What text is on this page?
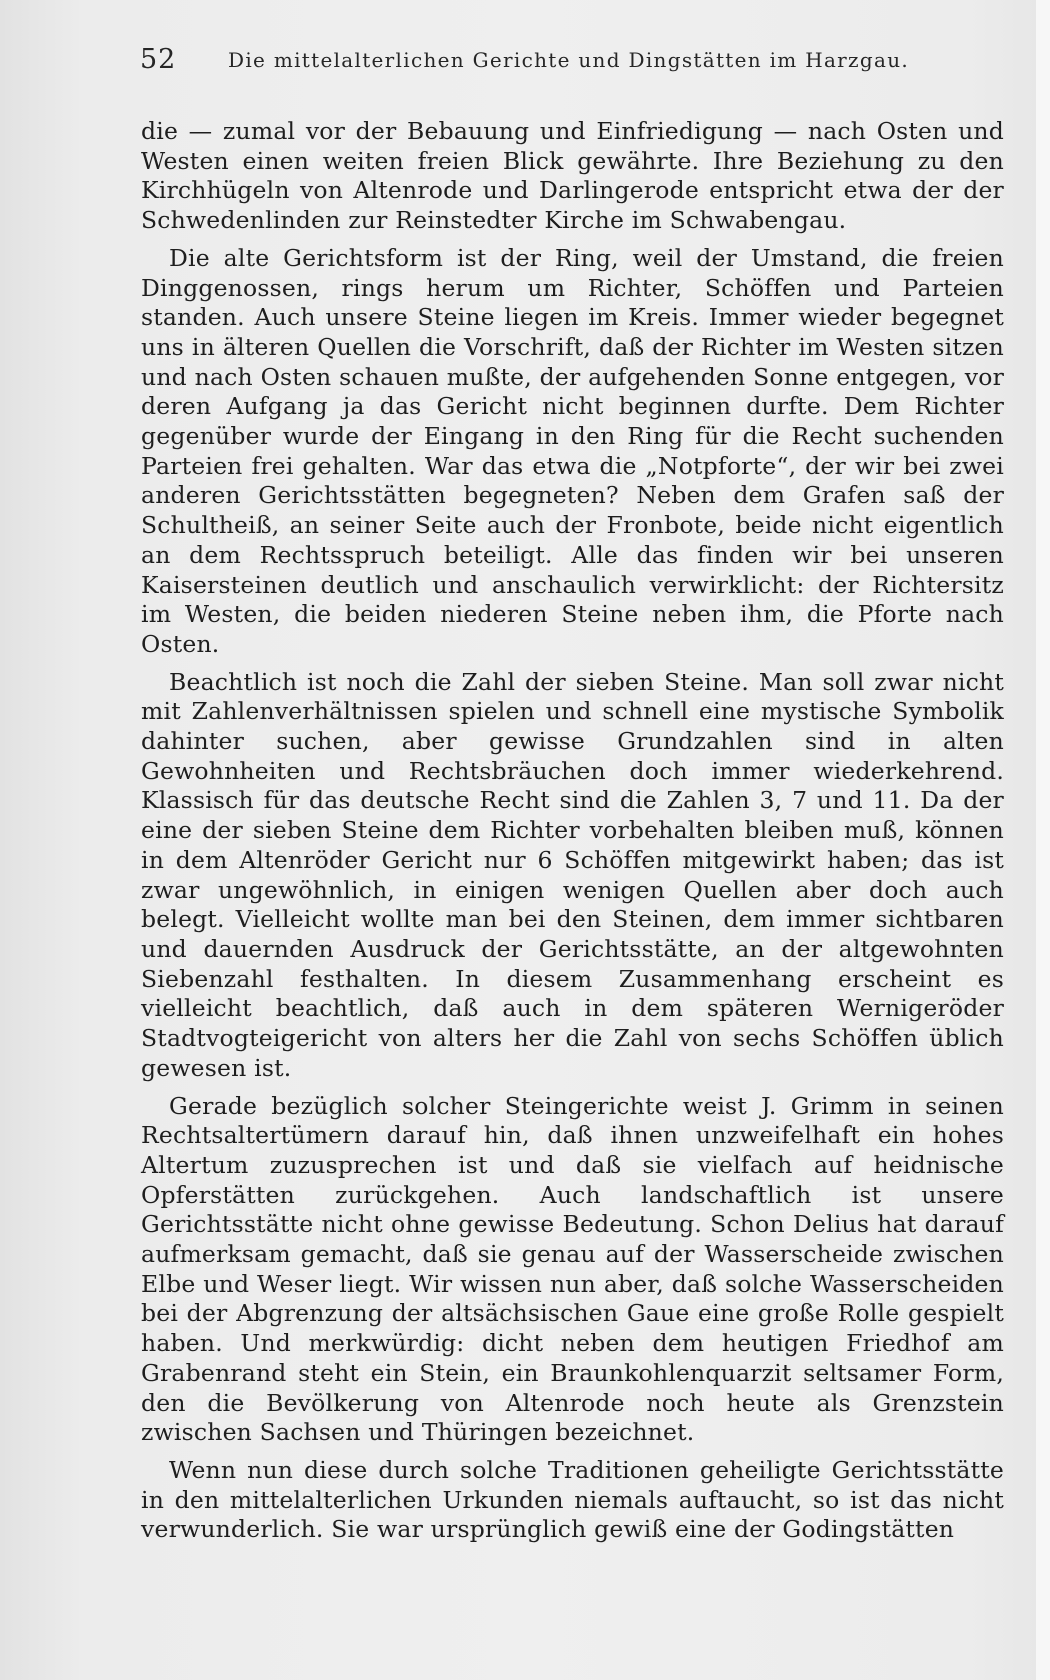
52	Die mittelalterlichen Gerichte und Dingstätten im Harzgau.

die — zumal vor der Bebauung und Einfriedigung — nach Osten und Westen einen weiten freien Blick gewährte. Ihre Beziehung zu den Kirchhügeln von Altenrode und Darlingerode entspricht etwa der der Schwedenlinden zur Reinstedter Kirche im Schwabengau.

Die alte Gerichtsform ist der Ring, weil der Umstand, die freien Dinggenossen, rings herum um Richter, Schöffen und Parteien standen. Auch unsere Steine liegen im Kreis. Immer wieder begegnet uns in älteren Quellen die Vorschrift, daß der Richter im Westen sitzen und nach Osten schauen mußte, der aufgehenden Sonne entgegen, vor deren Aufgang ja das Gericht nicht beginnen durfte. Dem Richter gegenüber wurde der Eingang in den Ring für die Recht suchenden Parteien frei gehalten. War das etwa die „Notpforte“, der wir bei zwei anderen Gerichtsstätten begegneten? Neben dem Grafen saß der Schultheiß, an seiner Seite auch der Fronbote, beide nicht eigentlich an dem Rechtsspruch beteiligt. Alle das finden wir bei unseren Kaisersteinen deutlich und anschaulich verwirklicht: der Richtersitz im Westen, die beiden niederen Steine neben ihm, die Pforte nach Osten.

Beachtlich ist noch die Zahl der sieben Steine. Man soll zwar nicht mit Zahlenverhältnissen spielen und schnell eine mystische Symbolik dahinter suchen, aber gewisse Grundzahlen sind in alten Gewohnheiten und Rechtsbräuchen doch immer wiederkehrend. Klassisch für das deutsche Recht sind die Zahlen 3, 7 und 11. Da der eine der sieben Steine dem Richter vorbehalten bleiben muß, können in dem Altenröder Gericht nur 6 Schöffen mitgewirkt haben; das ist zwar ungewöhnlich, in einigen wenigen Quellen aber doch auch belegt. Vielleicht wollte man bei den Steinen, dem immer sichtbaren und dauernden Ausdruck der Gerichtsstätte, an der altgewohnten Siebenzahl festhalten. In diesem Zusammenhang erscheint es vielleicht beachtlich, daß auch in dem späteren Wernigeröder Stadtvogteigericht von alters her die Zahl von sechs Schöffen üblich gewesen ist.

Gerade bezüglich solcher Steingerichte weist J. Grimm in seinen Rechtsaltertümern darauf hin, daß ihnen unzweifelhaft ein hohes Altertum zuzusprechen ist und daß sie vielfach auf heidnische Opferstätten zurückgehen. Auch landschaftlich ist unsere Gerichtsstätte nicht ohne gewisse Bedeutung. Schon Delius hat darauf aufmerksam gemacht, daß sie genau auf der Wasserscheide zwischen Elbe und Weser liegt. Wir wissen nun aber, daß solche Wasserscheiden bei der Abgrenzung der altsächsischen Gaue eine große Rolle gespielt haben. Und merkwürdig: dicht neben dem heutigen Friedhof am Grabenrand steht ein Stein, ein Braunkohlenquarzit seltsamer Form, den die Bevölkerung von Altenrode noch heute als Grenzstein zwischen Sachsen und Thüringen bezeichnet.

Wenn nun diese durch solche Traditionen geheiligte Gerichtsstätte in den mittelalterlichen Urkunden niemals auftaucht, so ist das nicht verwunderlich. Sie war ursprünglich gewiß eine der Godingstätten
